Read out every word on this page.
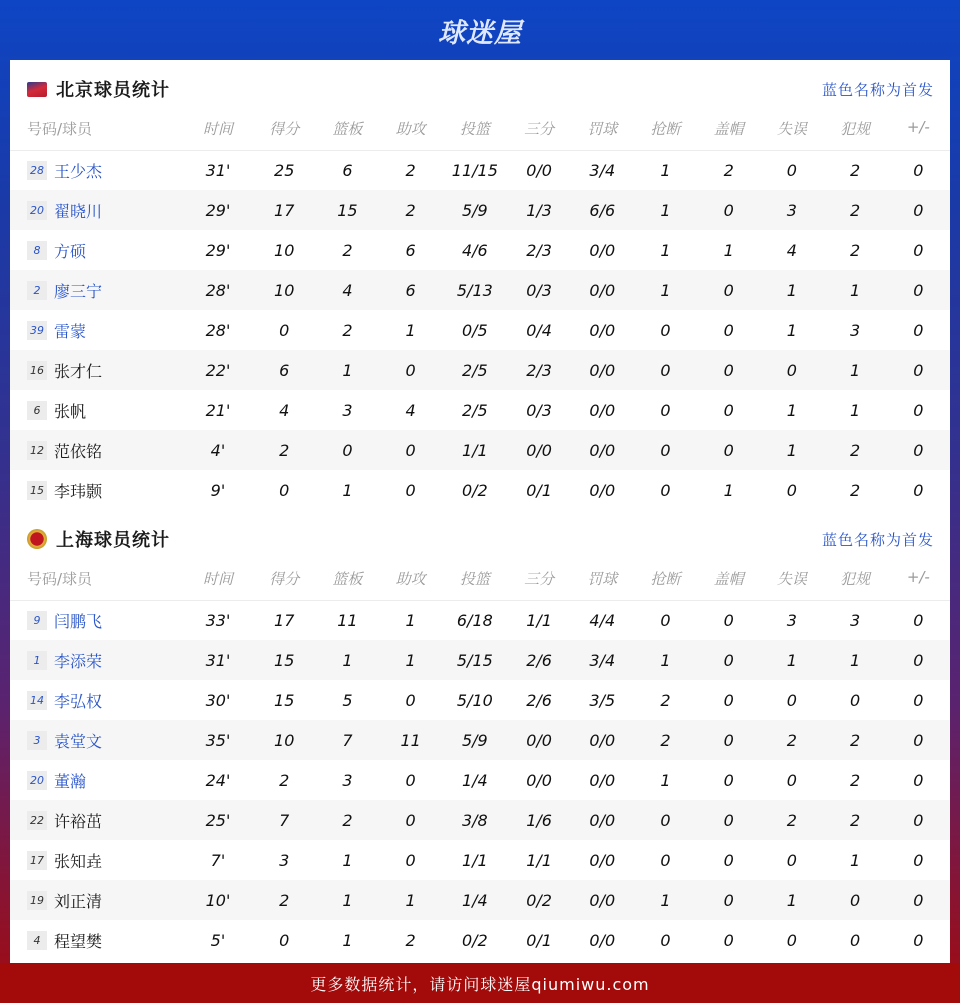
球迷屋
北京球员统计	蓝色名称为首发
号码/球员	时间	得分	篮板	助攻	投篮	三分	罚球	抢断	盖帽	失误	犯规	+/-
28 王少杰	31'	25	6	2	11/15	0/0	3/4	1	2	0	2	0
20 翟晓川	29'	17	15	2	5/9	1/3	6/6	1	0	3	2	0
8 方硕	29'	10	2	6	4/6	2/3	0/0	1	1	4	2	0
2 廖三宁	28'	10	4	6	5/13	0/3	0/0	1	0	1	1	0
39 雷蒙	28'	0	2	1	0/5	0/4	0/0	0	0	1	3	0
16 张才仁	22'	6	1	0	2/5	2/3	0/0	0	0	0	1	0
6 张帆	21'	4	3	4	2/5	0/3	0/0	0	0	1	1	0
12 范依铭	4'	2	0	0	1/1	0/0	0/0	0	0	1	2	0
15 李玮颢	9'	0	1	0	0/2	0/1	0/0	0	1	0	2	0
上海球员统计	蓝色名称为首发
号码/球员	时间	得分	篮板	助攻	投篮	三分	罚球	抢断	盖帽	失误	犯规	+/-
9 闫鹏飞	33'	17	11	1	6/18	1/1	4/4	0	0	3	3	0
1 李添荣	31'	15	1	1	5/15	2/6	3/4	1	0	1	1	0
14 李弘权	30'	15	5	0	5/10	2/6	3/5	2	0	0	0	0
3 袁堂文	35'	10	7	11	5/9	0/0	0/0	2	0	2	2	0
20 董瀚	24'	2	3	0	1/4	0/0	0/0	1	0	0	2	0
22 许裕茁	25'	7	2	0	3/8	1/6	0/0	0	0	2	2	0
17 张知垚	7'	3	1	0	1/1	1/1	0/0	0	0	0	1	0
19 刘正清	10'	2	1	1	1/4	0/2	0/0	1	0	1	0	0
4 程望樊	5'	0	1	2	0/2	0/1	0/0	0	0	0	0	0
更多数据统计，请访问球迷屋qiumiwu.com
